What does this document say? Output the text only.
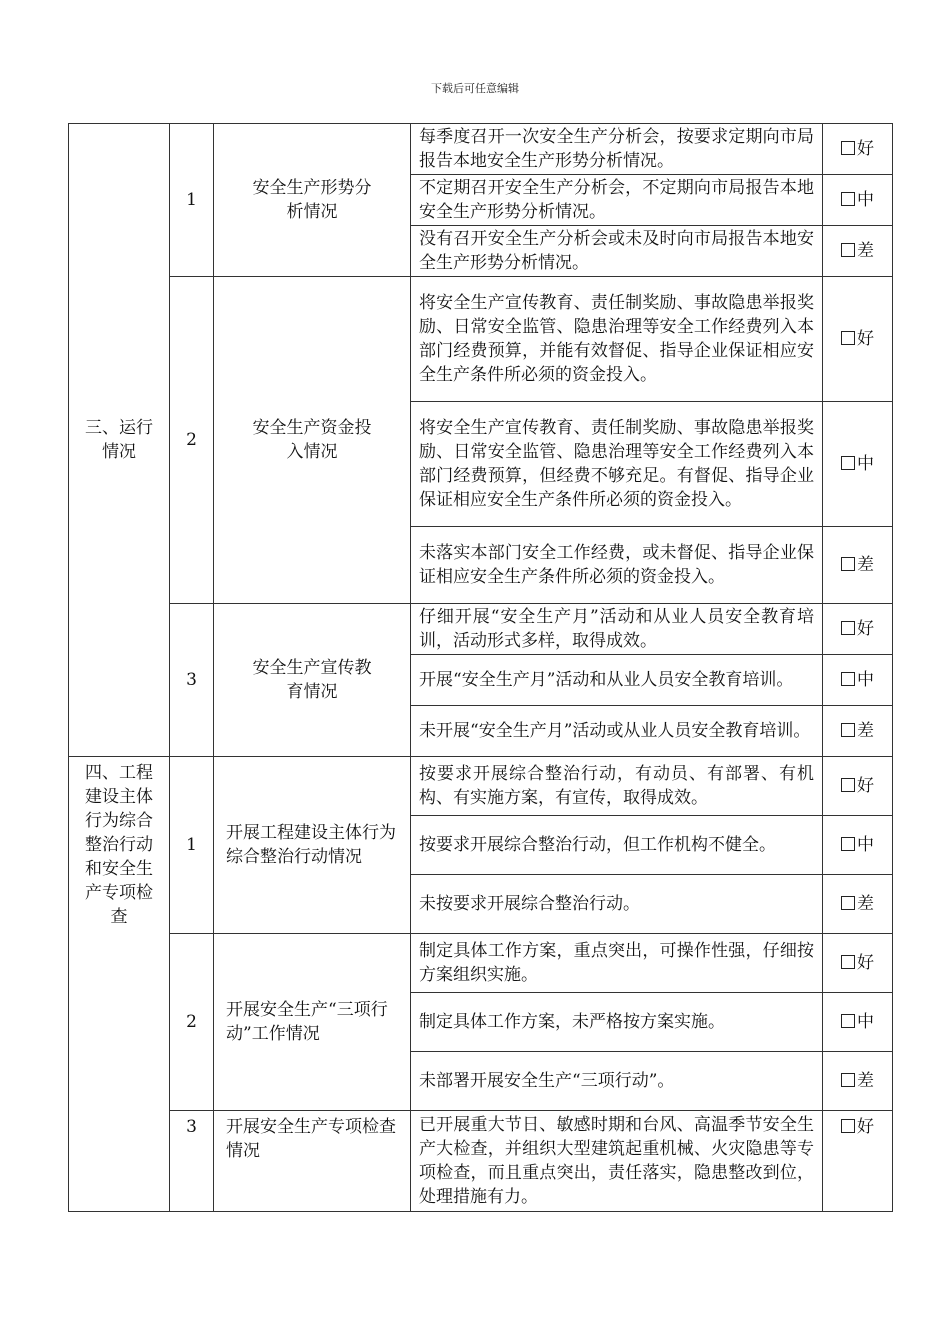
下载后可任意编辑
三、运行情况	1	安全生产形势分析情况	每季度召开一次安全生产分析会，按要求定期向市局报告本地安全生产形势分析情况。	好
			不定期召开安全生产分析会，不定期向市局报告本地安全生产形势分析情况。	中
			没有召开安全生产分析会或未及时向市局报告本地安全生产形势分析情况。	差
	2	安全生产资金投入情况	将安全生产宣传教育、责任制奖励、事故隐患举报奖励、日常安全监管、隐患治理等安全工作经费列入本部门经费预算，并能有效督促、指导企业保证相应安全生产条件所必须的资金投入。	好
			将安全生产宣传教育、责任制奖励、事故隐患举报奖励、日常安全监管、隐患治理等安全工作经费列入本部门经费预算，但经费不够充足。有督促、指导企业保证相应安全生产条件所必须的资金投入。	中
			未落实本部门安全工作经费，或未督促、指导企业保证相应安全生产条件所必须的资金投入。	差
	3	安全生产宣传教育情况	仔细开展“安全生产月”活动和从业人员安全教育培训，活动形式多样，取得成效。	好
			开展“安全生产月”活动和从业人员安全教育培训。	中
			未开展“安全生产月”活动或从业人员安全教育培训。	差

四、工程建设主体行为综合整治行动和安全生产专项检查	1	开展工程建设主体行为综合整治行动情况	按要求开展综合整治行动，有动员、有部署、有机构、有实施方案，有宣传，取得成效。	好
			按要求开展综合整治行动，但工作机构不健全。	中
			未按要求开展综合整治行动。	差
	2	开展安全生产“三项行动”工作情况	制定具体工作方案，重点突出，可操作性强，仔细按方案组织实施。	好
			制定具体工作方案，未严格按方案实施。	中
			未部署开展安全生产“三项行动”。	差
	3	开展安全生产专项检查情况	已开展重大节日、敏感时期和台风、高温季节安全生产大检查，并组织大型建筑起重机械、火灾隐患等专项检查，而且重点突出，责任落实，隐患整改到位，处理措施有力。	好
